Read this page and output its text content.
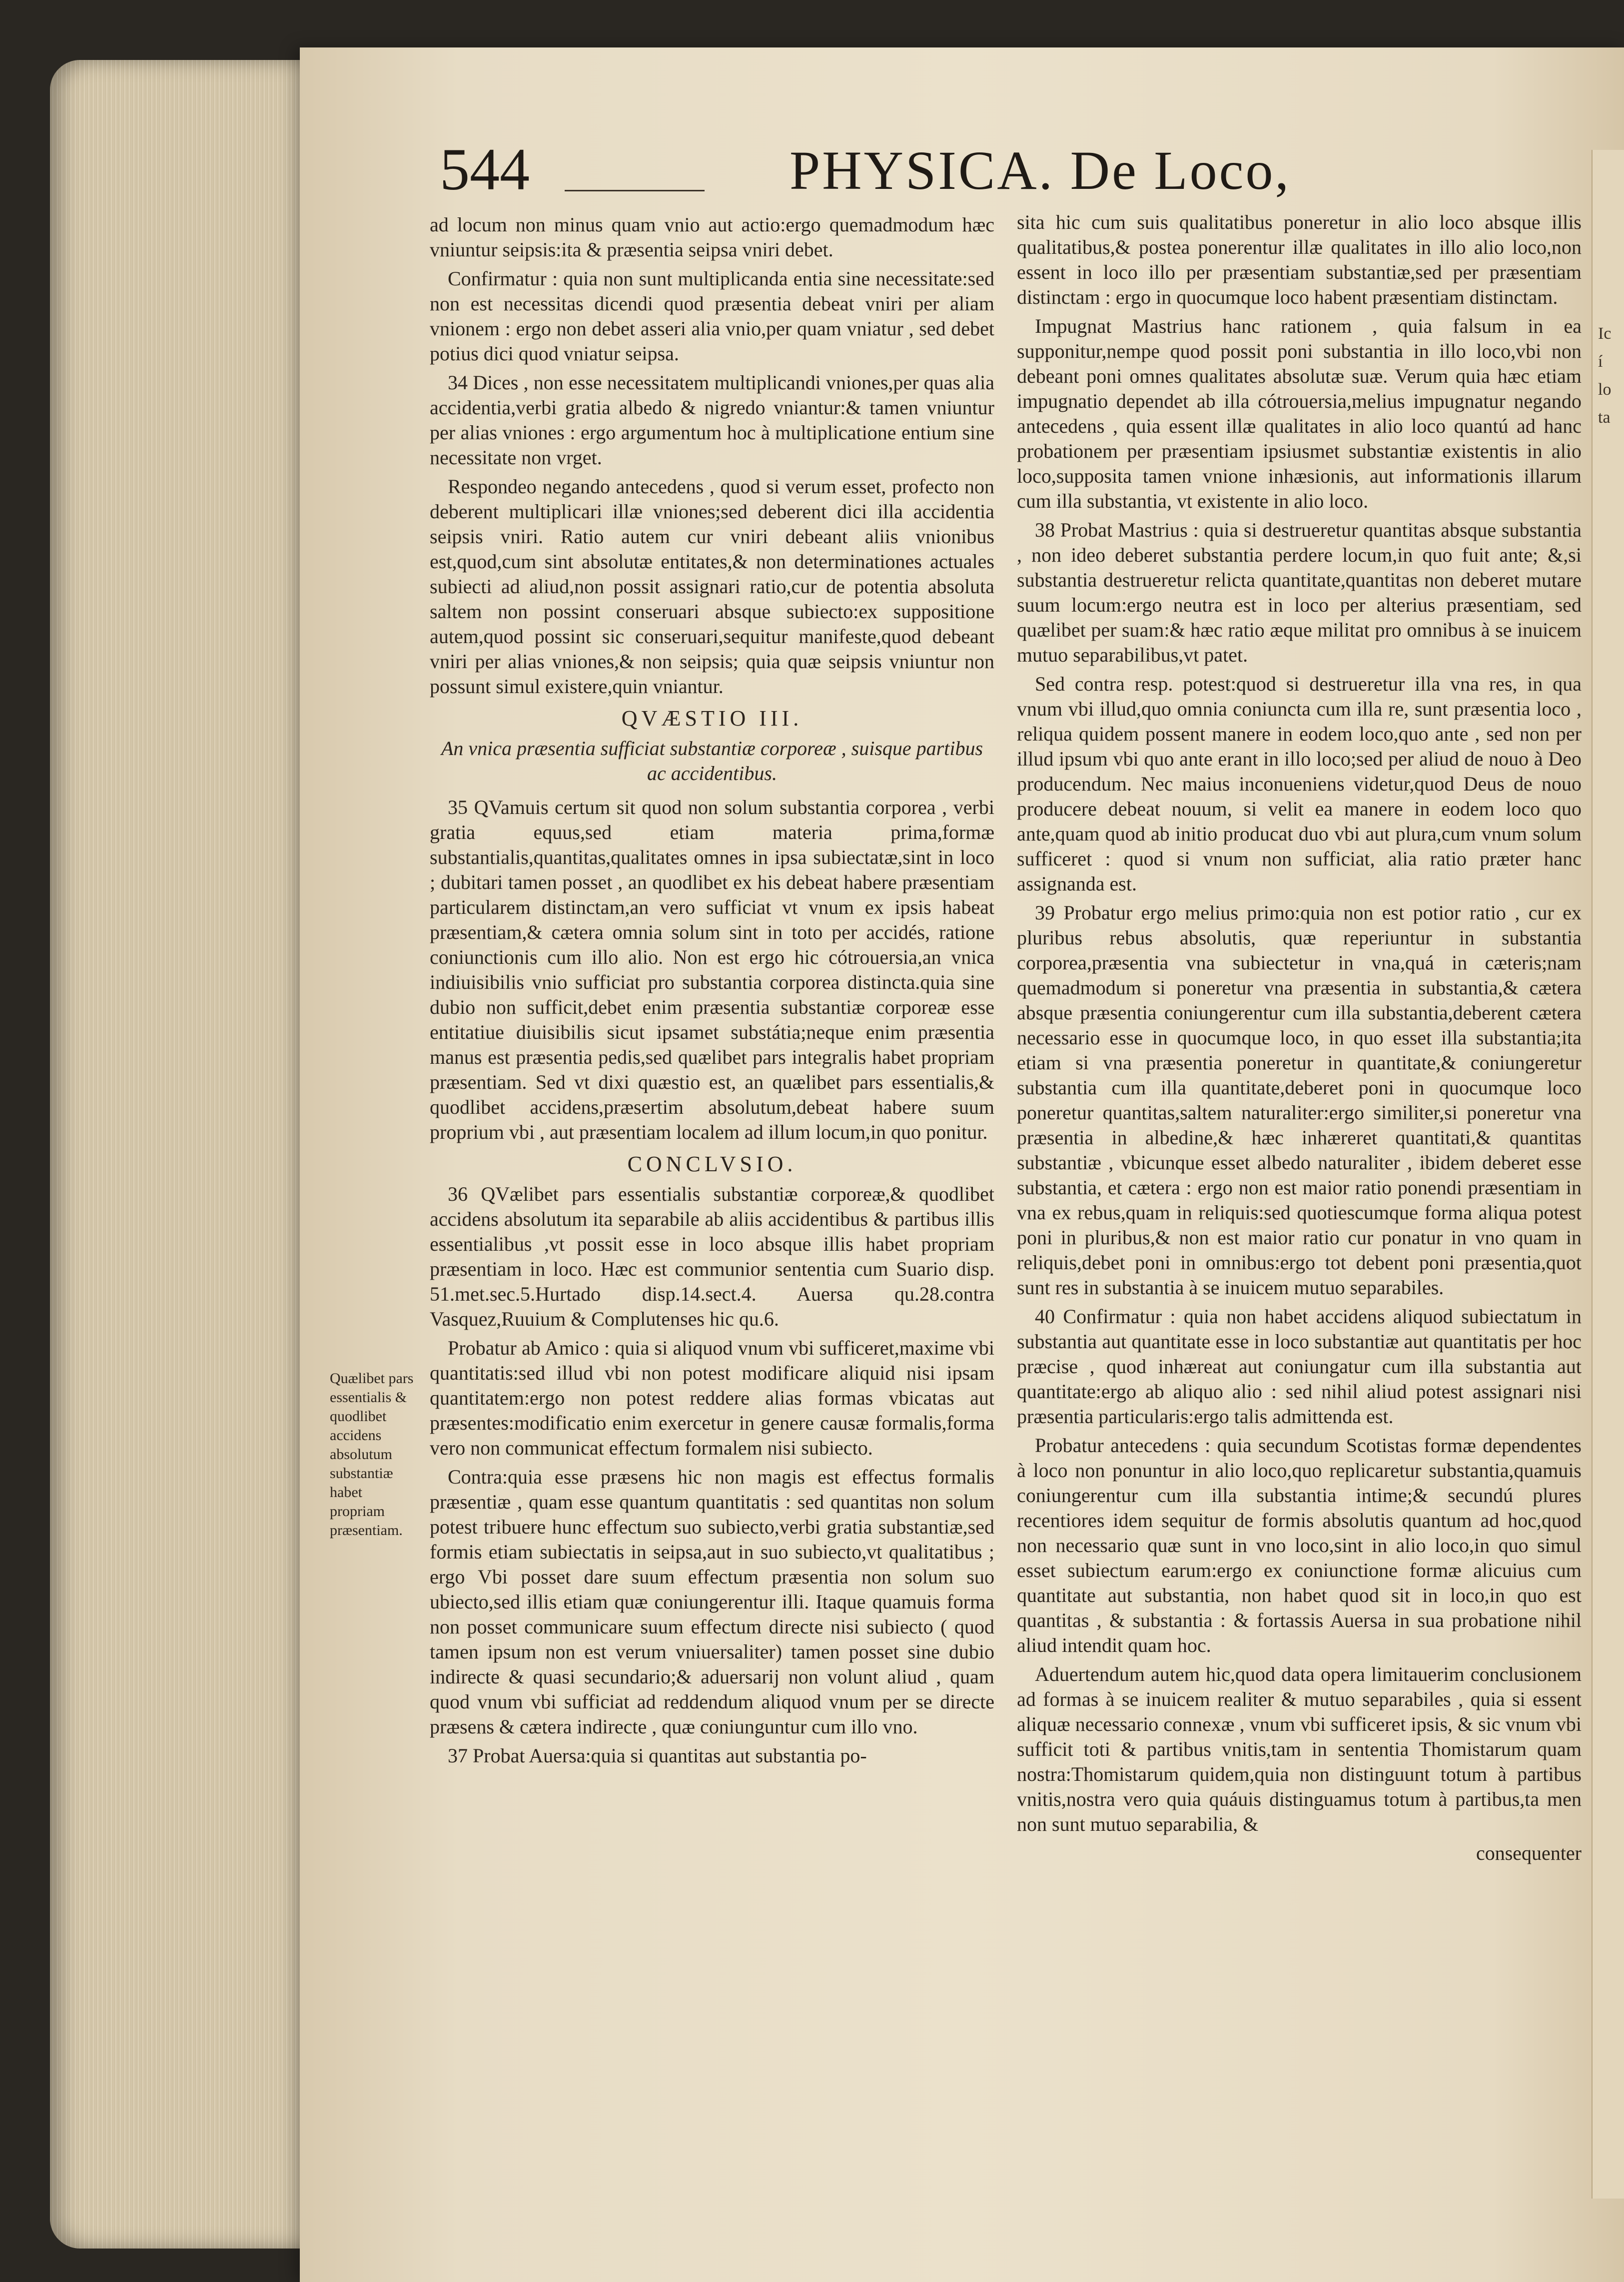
Ic
í
lo
ta
544	PHYSICA. De Loco,

ad locum non minus quam vnio aut actio:ergo quemadmodum hæc vniuntur seipsis:ita & præsentia seipsa vniri debet.

Confirmatur : quia non sunt multiplicanda entia sine necessitate:sed non est necessitas dicendi quod præsentia debeat vniri per aliam vnionem : ergo non debet asseri alia vnio,per quam vniatur , sed debet potius dici quod vniatur seipsa.

34 Dices , non esse necessitatem multiplicandi vniones,per quas alia accidentia,verbi gratia albedo & nigredo vniantur:& tamen vniuntur per alias vniones : ergo argumentum hoc à multiplicatione entium sine necessitate non vrget.

Respondeo negando antecedens , quod si verum esset, profecto non deberent multiplicari illæ vniones;sed deberent dici illa accidentia seipsis vniri. Ratio autem cur vniri debeant aliis vnionibus est,quod,cum sint absolutæ entitates,& non determinationes actuales subiecti ad aliud,non possit assignari ratio,cur de potentia absoluta saltem non possint conseruari absque subiecto:ex suppositione autem,quod possint sic conseruari,sequitur manifeste,quod debeant vniri per alias vniones,& non seipsis; quia quæ seipsis vniuntur non possunt simul existere,quin vniantur.

QVÆSTIO III.
An vnica præsentia sufficiat substantiæ corporeæ , suisque partibus ac accidentibus.

35 QVamuis certum sit quod non solum substantia corporea , verbi gratia equus,sed etiam materia prima,formæ substantialis,quantitas,qualitates omnes in ipsa subiectatæ,sint in loco ; dubitari tamen posset , an quodlibet ex his debeat habere præsentiam particularem distinctam,an vero sufficiat vt vnum ex ipsis habeat præsentiam,& cætera omnia solum sint in toto per accidés, ratione coniunctionis cum illo alio. Non est ergo hic cótrouersia,an vnica indiuisibilis vnio sufficiat pro substantia corporea distincta.quia sine dubio non sufficit,debet enim præsentia substantiæ corporeæ esse entitatiue diuisibilis sicut ipsamet substátia;neque enim præsentia manus est præsentia pedis,sed quælibet pars integralis habet propriam præsentiam. Sed vt dixi quæstio est, an quælibet pars essentialis,& quodlibet accidens,præsertim absolutum,debeat habere suum proprium vbi , aut præsentiam localem ad illum locum,in quo ponitur.

CONCLVSIO.

36 QVælibet pars essentialis substantiæ corporeæ,& quodlibet accidens absolutum ita separabile ab aliis accidentibus & partibus illis essentialibus ,vt possit esse in loco absque illis habet propriam præsentiam in loco. Hæc est communior sententia cum Suario disp. 51.met.sec.5.Hurtado disp.14.sect.4. Auersa qu.28.contra Vasquez,Ruuium & Complutenses hic qu.6.

Probatur ab Amico : quia si aliquod vnum vbi sufficeret,maxime vbi quantitatis:sed illud vbi non potest modificare aliquid nisi ipsam quantitatem:ergo non potest reddere alias formas vbicatas aut præsentes:modificatio enim exercetur in genere causæ formalis,forma vero non communicat effectum formalem nisi subiecto.

Contra:quia esse præsens hic non magis est effectus formalis præsentiæ , quam esse quantum quantitatis : sed quantitas non solum potest tribuere hunc effectum suo subiecto,verbi gratia substantiæ,sed formis etiam subiectatis in seipsa,aut in suo subiecto,vt qualitatibus ; ergo Vbi posset dare suum effectum præsentia non solum suo ubiecto,sed illis etiam quæ coniungerentur illi. Itaque quamuis forma non posset communicare suum effectum directe nisi subiecto ( quod tamen ipsum non est verum vniuersaliter) tamen posset sine dubio indirecte & quasi secundario;& aduersarij non volunt aliud , quam quod vnum vbi sufficiat ad reddendum aliquod vnum per se directe præsens & cætera indirecte , quæ coniunguntur cum illo vno.

37 Probat Auersa:quia si quantitas aut substantia po-

Quælibet pars essentialis & quodlibet accidens absolutum substantiæ habet propriam præsentiam.

sita hic cum suis qualitatibus poneretur in alio loco absque illis qualitatibus,& postea ponerentur illæ qualitates in illo alio loco,non essent in loco illo per præsentiam substantiæ,sed per præsentiam distinctam : ergo in quocumque loco habent præsentiam distinctam.

Impugnat Mastrius hanc rationem , quia falsum in ea supponitur,nempe quod possit poni substantia in illo loco,vbi non debeant poni omnes qualitates absolutæ suæ. Verum quia hæc etiam impugnatio dependet ab illa cótrouersia,melius impugnatur negando antecedens , quia essent illæ qualitates in alio loco quantú ad hanc probationem per præsentiam ipsiusmet substantiæ existentis in alio loco,supposita tamen vnione inhæsionis, aut informationis illarum cum illa substantia, vt existente in alio loco.

38 Probat Mastrius : quia si destrueretur quantitas absque substantia , non ideo deberet substantia perdere locum,in quo fuit ante; &,si substantia destrueretur relicta quantitate,quantitas non deberet mutare suum locum:ergo neutra est in loco per alterius præsentiam, sed quælibet per suam:& hæc ratio æque militat pro omnibus à se inuicem mutuo separabilibus,vt patet.

Sed contra resp. potest:quod si destrueretur illa vna res, in qua vnum vbi illud,quo omnia coniuncta cum illa re, sunt præsentia loco , reliqua quidem possent manere in eodem loco,quo ante , sed non per illud ipsum vbi quo ante erant in illo loco;sed per aliud de nouo à Deo producendum. Nec maius inconueniens videtur,quod Deus de nouo producere debeat nouum, si velit ea manere in eodem loco quo ante,quam quod ab initio producat duo vbi aut plura,cum vnum solum sufficeret : quod si vnum non sufficiat, alia ratio præter hanc assignanda est.

39 Probatur ergo melius primo:quia non est potior ratio , cur ex pluribus rebus absolutis, quæ reperiuntur in substantia corporea,præsentia vna subiectetur in vna,quá in cæteris;nam quemadmodum si poneretur vna præsentia in substantia,& cætera absque præsentia coniungerentur cum illa substantia,deberent cætera necessario esse in quocumque loco, in quo esset illa substantia;ita etiam si vna præsentia poneretur in quantitate,& coniungeretur substantia cum illa quantitate,deberet poni in quocumque loco poneretur quantitas,saltem naturaliter:ergo similiter,si poneretur vna præsentia in albedine,& hæc inhæreret quantitati,& quantitas substantiæ , vbicunque esset albedo naturaliter , ibidem deberet esse substantia, et cætera : ergo non est maior ratio ponendi præsentiam in vna ex rebus,quam in reliquis:sed quotiescumque forma aliqua potest poni in pluribus,& non est maior ratio cur ponatur in vno quam in reliquis,debet poni in omnibus:ergo tot debent poni præsentia,quot sunt res in substantia à se inuicem mutuo separabiles.

40 Confirmatur : quia non habet accidens aliquod subiectatum in substantia aut quantitate esse in loco substantiæ aut quantitatis per hoc præcise , quod inhæreat aut coniungatur cum illa substantia aut quantitate:ergo ab aliquo alio : sed nihil aliud potest assignari nisi præsentia particularis:ergo talis admittenda est.

Probatur antecedens : quia secundum Scotistas formæ dependentes à loco non ponuntur in alio loco,quo replicaretur substantia,quamuis coniungerentur cum illa substantia intime;& secundú plures recentiores idem sequitur de formis absolutis quantum ad hoc,quod non necessario quæ sunt in vno loco,sint in alio loco,in quo simul esset subiectum earum:ergo ex coniunctione formæ alicuius cum quantitate aut substantia, non habet quod sit in loco,in quo est quantitas , & substantia : & fortassis Auersa in sua probatione nihil aliud intendit quam hoc.

Aduertendum autem hic,quod data opera limitauerim conclusionem ad formas à se inuicem realiter & mutuo separabiles , quia si essent aliquæ necessario connexæ , vnum vbi sufficeret ipsis, & sic vnum vbi sufficit toti & partibus vnitis,tam in sententia Thomistarum quam nostra:Thomistarum quidem,quia non distinguunt totum à partibus vnitis,nostra vero quia quáuis distinguamus totum à partibus,ta men non sunt mutuo separabilia, &

consequenter
